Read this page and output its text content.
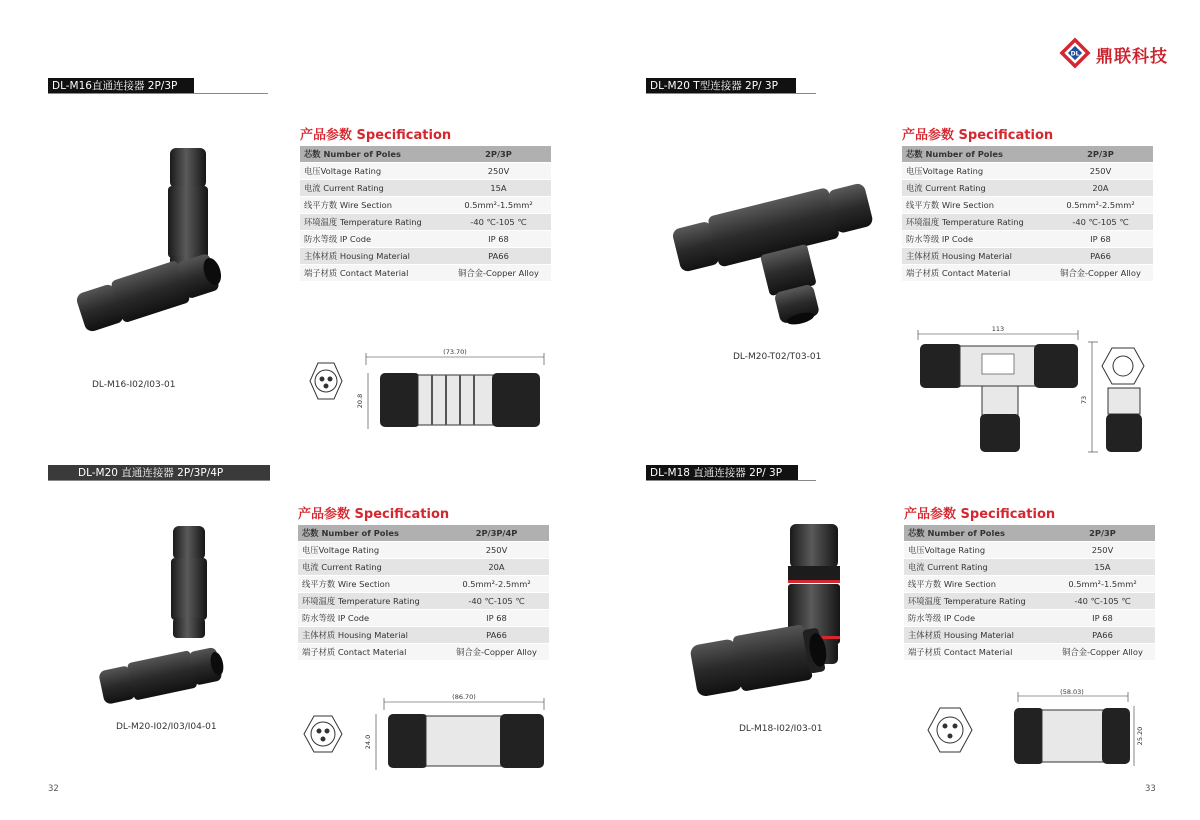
DL 鼎联科技
DL-M16直通连接器 2P/3P
DL-M16-I02/I03-01
产品参数 Specification
芯数 Number of Poles	2P/3P
电压Voltage Rating	250V
电流 Current Rating	15A
线平方数 Wire Section	0.5mm²-1.5mm²
环境温度 Temperature Rating	-40 ℃-105 ℃
防水等级 IP Code	IP 68
主体材质 Housing Material	PA66
端子材质 Contact Material	铜合金-Copper Alloy
(73.70)
20.8
DL-M20 T型连接器 2P/ 3P
DL-M20-T02/T03-01
产品参数 Specification
芯数 Number of Poles	2P/3P
电压Voltage Rating	250V
电流 Current Rating	20A
线平方数 Wire Section	0.5mm²-2.5mm²
环境温度 Temperature Rating	-40 ℃-105 ℃
防水等级 IP Code	IP 68
主体材质 Housing Material	PA66
端子材质 Contact Material	铜合金-Copper Alloy
113
73
DL-M20 直通连接器 2P/3P/4P
DL-M20-I02/I03/I04-01
产品参数 Specification
芯数 Number of Poles	2P/3P/4P
电压Voltage Rating	250V
电流 Current Rating	20A
线平方数 Wire Section	0.5mm²-2.5mm²
环境温度 Temperature Rating	-40 ℃-105 ℃
防水等级 IP Code	IP 68
主体材质 Housing Material	PA66
端子材质 Contact Material	铜合金-Copper Alloy
(86.70)
24.0
DL-M18 直通连接器 2P/ 3P
DL-M18-I02/I03-01
产品参数 Specification
芯数 Number of Poles	2P/3P
电压Voltage Rating	250V
电流 Current Rating	15A
线平方数 Wire Section	0.5mm²-1.5mm²
环境温度 Temperature Rating	-40 ℃-105 ℃
防水等级 IP Code	IP 68
主体材质 Housing Material	PA66
端子材质 Contact Material	铜合金-Copper Alloy
(58.03)
25.20
32	33
